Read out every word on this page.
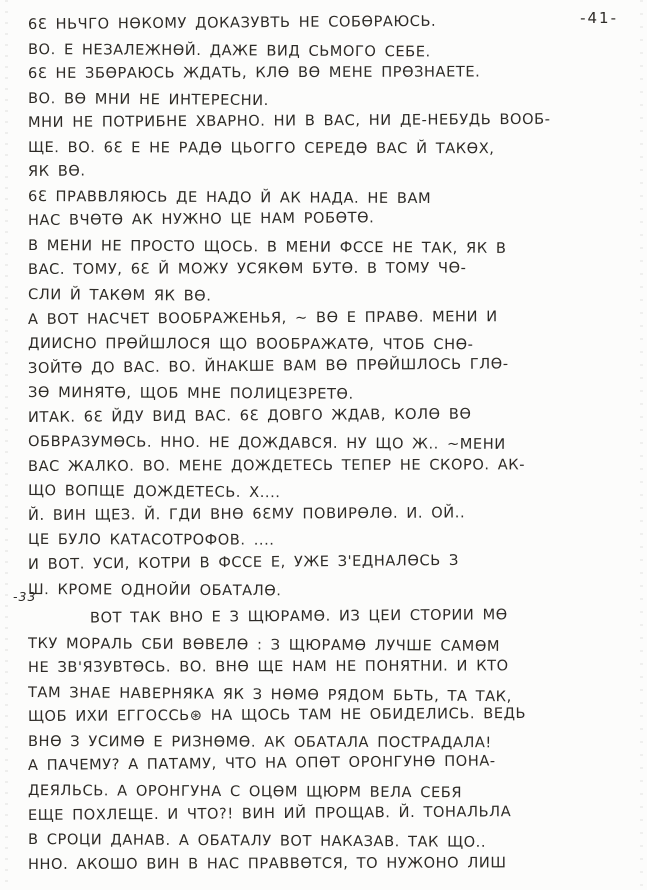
-41-
-33
6Ɛ НЬЧГО НѲКОМУ ДОКАЗУВТЬ НЕ СОБѲРАЮСЬ.
ВО. Е НЕЗАЛЕЖНѲЙ. ДАЖЕ ВИД СЬМОГО СЕБЕ.
6Ɛ НЕ ЗБѲРАЮСЬ ЖДАТЬ, КЛѲ ВѲ МЕНЕ ПРѲЗНАЕТЕ.
ВО. ВѲ МНИ НЕ ИНТЕРЕСНИ.
МНИ НЕ ПОТРИБНЕ ХВАРНО. НИ В ВАС, НИ ДЕ-НЕБУДЬ ВООБ-
ЩЕ. ВО. 6Ɛ Е НЕ РАДѲ ЦЬОГГО СЕРЕДѲ ВАС Й ТАКѲХ,
ЯК ВѲ.
6Ɛ ПРАВВЛЯЮСЬ ДЕ НАДО Й АК НАДА. НЕ ВАМ
НАС ВЧѲТѲ АК НУЖНО ЦЕ НАМ РОБѲТѲ.
В МЕНИ НЕ ПРОСТО ЩОСЬ. В МЕНИ ФССЕ НЕ ТАК, ЯК В
ВАС. ТОМУ, 6Ɛ Й МОЖУ УСЯКѲМ БУТѲ. В ТОМУ ЧѲ-
СЛИ Й ТАКѲМ ЯК ВѲ.
А ВОТ НАСЧЕТ ВООБРАЖЕНЬЯ, ~ ВѲ Е ПРАВѲ. МЕНИ И
ДИИСНО ПРѲЙШЛОСЯ ЩО ВООБРАЖАТѲ, ЧТОБ СНѲ-
ЗОЙТѲ ДО ВАС. ВО. ЙНАКШЕ ВАМ ВѲ ПРѲЙШЛОСЬ ГЛѲ-
ЗѲ МИНЯТѲ, ЩОБ МНЕ ПОЛИЦЕЗРЕТѲ.
ИТАК. 6Ɛ ЙДУ ВИД ВАС. 6Ɛ ДОВГО ЖДАВ, КОЛѲ ВѲ
ОБВРАЗУМѲСЬ. ННО. НЕ ДОЖДАВСЯ. НУ ЩО Ж.. ~МЕНИ
ВАС ЖАЛКО. ВО. МЕНЕ ДОЖДЕТЕСЬ ТЕПЕР НЕ СКОРО. АК-
ЩО ВОПЩЕ ДОЖДЕТЕСЬ. Х....
Й. ВИН ЩЕЗ. Й. ГДИ ВНѲ 6ƐМУ ПОВИРѲЛѲ. И. ОЙ..
ЦЕ БУЛО КАТАСОТРОФОВ. ....
И ВОТ. УСИ, КОТРИ В ФССЕ Е, УЖЕ З'ЕДНАЛѲСЬ З
Ш. КРОМЕ ОДНОЙИ ОБАТАЛѲ.
ВОТ ТАК ВНО Е З ЩЮРАМѲ. ИЗ ЦЕИ СТОРИИ МѲ
ТКУ МОРАЛЬ СБИ ВѲВЕЛѲ : З ЩЮРАМѲ ЛУЧШЕ САМѲМ
НЕ ЗВ'ЯЗУВТѲСЬ. ВО. ВНѲ ЩЕ НАМ НЕ ПОНЯТНИ. И КТО
ТАМ ЗНАЕ НАВЕРНЯКА ЯК З НѲМѲ РЯДОМ БЬТЬ, ТА ТАК,
ЩОБ ИХИ ЕГГОССЬ⊛ НА ЩОСЬ ТАМ НЕ ОБИДЕЛИСЬ. ВЕДЬ
ВНѲ З УСИМѲ Е РИЗНѲМѲ. АК ОБАТАЛА ПОСТРАДАЛА!
А ПАЧЕМУ? А ПАТАМУ, ЧТО НА ОПѲТ ОРОНГУНѲ ПОНА-
ДЕЯЛЬСЬ. А ОРОНГУНА С ОЦѲМ ЩЮРМ ВЕЛА СЕБЯ
ЕЩЕ ПОХЛЕЩЕ. И ЧТО?! ВИН ИЙ ПРОЩАВ. Й. ТОНАЛЬЛА
В СРОЦИ ДАНАВ. А ОБАТАЛУ ВОТ НАКАЗАВ. ТАК ЩО..
ННО. АКОШО ВИН В НАС ПРАВВѲТСЯ, ТО НУЖОНО ЛИШ
